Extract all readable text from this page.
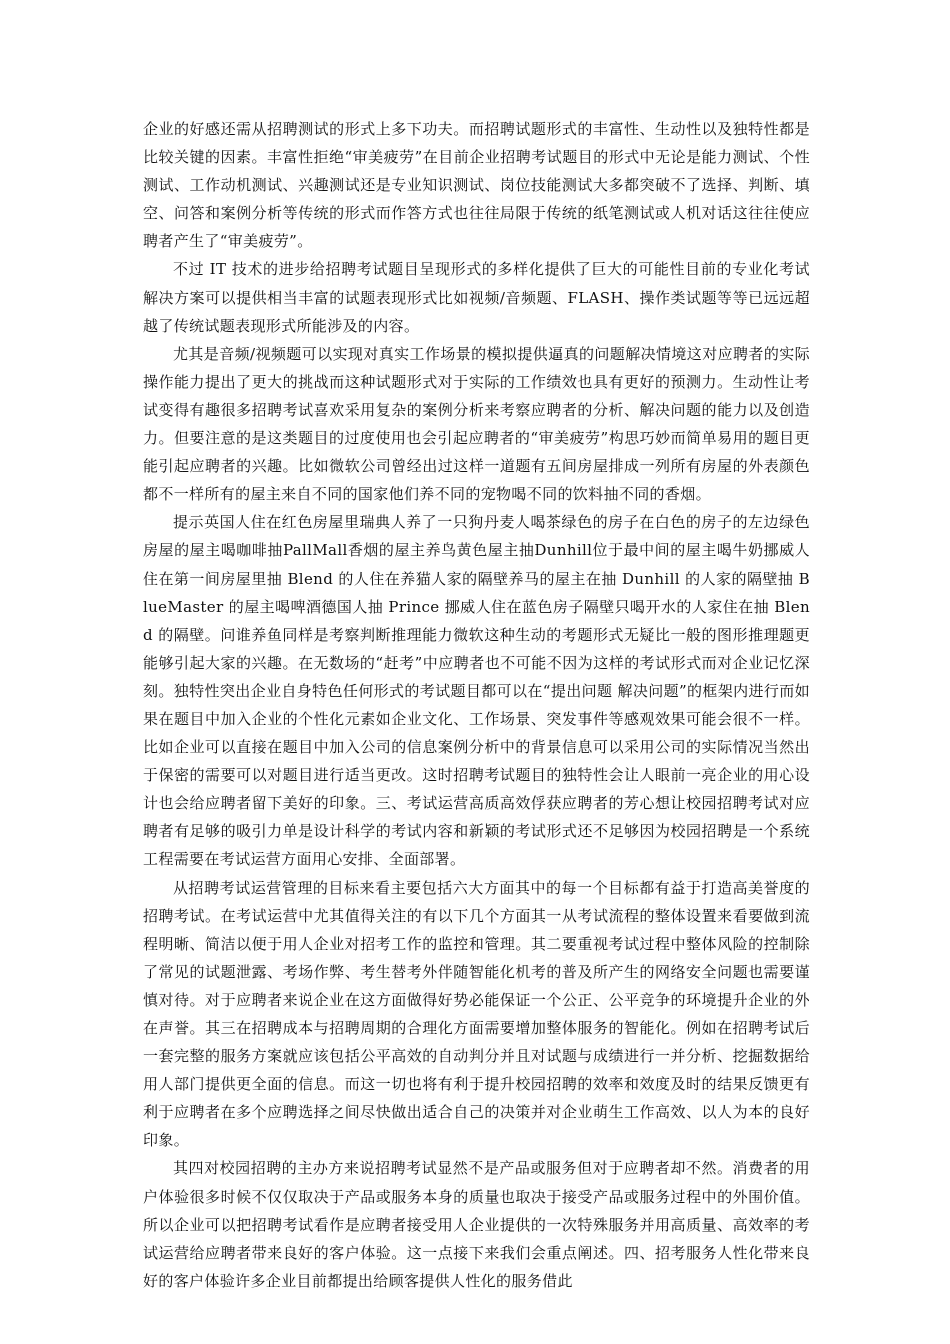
企业的好感还需从招聘测试的形式上多下功夫。而招聘试题形式的丰富性、生动性以及独特性都是比较关键的因素。丰富性拒绝“审美疲劳”在目前企业招聘考试题目的形式中无论是能力测试、个性测试、工作动机测试、兴趣测试还是专业知识测试、岗位技能测试大多都突破不了选择、判断、填空、问答和案例分析等传统的形式而作答方式也往往局限于传统的纸笔测试或人机对话这往往使应聘者产生了“审美疲劳”。

不过 IT 技术的进步给招聘考试题目呈现形式的多样化提供了巨大的可能性目前的专业化考试解决方案可以提供相当丰富的试题表现形式比如视频/音频题、FLASH、操作类试题等等已远远超越了传统试题表现形式所能涉及的内容。

尤其是音频/视频题可以实现对真实工作场景的模拟提供逼真的问题解决情境这对应聘者的实际操作能力提出了更大的挑战而这种试题形式对于实际的工作绩效也具有更好的预测力。生动性让考试变得有趣很多招聘考试喜欢采用复杂的案例分析来考察应聘者的分析、解决问题的能力以及创造力。但要注意的是这类题目的过度使用也会引起应聘者的“审美疲劳”构思巧妙而简单易用的题目更能引起应聘者的兴趣。比如微软公司曾经出过这样一道题有五间房屋排成一列所有房屋的外表颜色都不一样所有的屋主来自不同的国家他们养不同的宠物喝不同的饮料抽不同的香烟。

提示英国人住在红色房屋里瑞典人养了一只狗丹麦人喝茶绿色的房子在白色的房子的左边绿色房屋的屋主喝咖啡抽PallMall香烟的屋主养鸟黄色屋主抽Dunhill位于最中间的屋主喝牛奶挪威人住在第一间房屋里抽 Blend 的人住在养猫人家的隔壁养马的屋主在抽 Dunhill 的人家的隔壁抽 BlueMaster 的屋主喝啤酒德国人抽 Prince 挪威人住在蓝色房子隔壁只喝开水的人家住在抽 Blend 的隔壁。问谁养鱼同样是考察判断推理能力微软这种生动的考题形式无疑比一般的图形推理题更能够引起大家的兴趣。在无数场的“赶考”中应聘者也不可能不因为这样的考试形式而对企业记忆深刻。独特性突出企业自身特色任何形式的考试题目都可以在“提出问题 解决问题”的框架内进行而如果在题目中加入企业的个性化元素如企业文化、工作场景、突发事件等感观效果可能会很不一样。比如企业可以直接在题目中加入公司的信息案例分析中的背景信息可以采用公司的实际情况当然出于保密的需要可以对题目进行适当更改。这时招聘考试题目的独特性会让人眼前一亮企业的用心设计也会给应聘者留下美好的印象。三、考试运营高质高效俘获应聘者的芳心想让校园招聘考试对应聘者有足够的吸引力单是设计科学的考试内容和新颖的考试形式还不足够因为校园招聘是一个系统工程需要在考试运营方面用心安排、全面部署。

从招聘考试运营管理的目标来看主要包括六大方面其中的每一个目标都有益于打造高美誉度的招聘考试。在考试运营中尤其值得关注的有以下几个方面其一从考试流程的整体设置来看要做到流程明晰、简洁以便于用人企业对招考工作的监控和管理。其二要重视考试过程中整体风险的控制除了常见的试题泄露、考场作弊、考生替考外伴随智能化机考的普及所产生的网络安全问题也需要谨慎对待。对于应聘者来说企业在这方面做得好势必能保证一个公正、公平竞争的环境提升企业的外在声誉。其三在招聘成本与招聘周期的合理化方面需要增加整体服务的智能化。例如在招聘考试后一套完整的服务方案就应该包括公平高效的自动判分并且对试题与成绩进行一并分析、挖掘数据给用人部门提供更全面的信息。而这一切也将有利于提升校园招聘的效率和效度及时的结果反馈更有利于应聘者在多个应聘选择之间尽快做出适合自己的决策并对企业萌生工作高效、以人为本的良好印象。

其四对校园招聘的主办方来说招聘考试显然不是产品或服务但对于应聘者却不然。消费者的用户体验很多时候不仅仅取决于产品或服务本身的质量也取决于接受产品或服务过程中的外围价值。所以企业可以把招聘考试看作是应聘者接受用人企业提供的一次特殊服务并用高质量、高效率的考试运营给应聘者带来良好的客户体验。这一点接下来我们会重点阐述。四、招考服务人性化带来良好的客户体验许多企业目前都提出给顾客提供人性化的服务借此
